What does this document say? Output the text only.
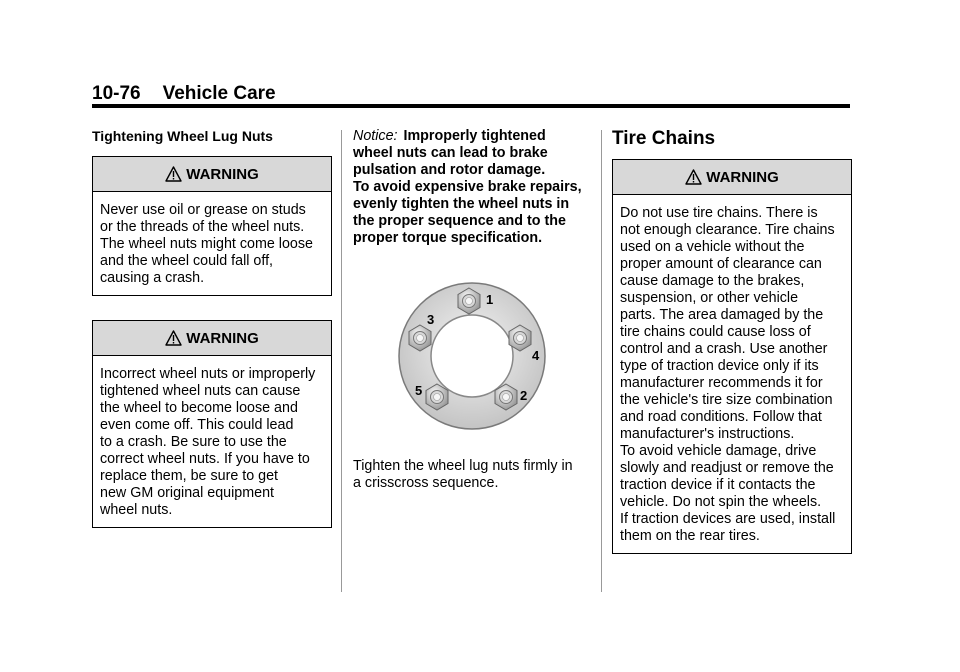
10-76 Vehicle Care
Tightening Wheel Lug Nuts
WARNING

Never use oil or grease on studs

or the threads of the wheel nuts.

The wheel nuts might come loose

and the wheel could fall off,

causing a crash.

WARNING

Incorrect wheel nuts or improperly

tightened wheel nuts can cause

the wheel to become loose and

even come off. This could lead

to a crash. Be sure to use the

correct wheel nuts. If you have to

replace them, be sure to get

new GM original equipment

wheel nuts.

Notice: Improperly tightened
wheel nuts can lead to brake
pulsation and rotor damage.
To avoid expensive brake repairs,
evenly tighten the wheel nuts in
the proper sequence and to the
proper torque specification.
1
2
3
4
5
Tighten the wheel lug nuts firmly in
a crisscross sequence.
Tire Chains
WARNING

Do not use tire chains. There is

not enough clearance. Tire chains

used on a vehicle without the

proper amount of clearance can

cause damage to the brakes,

suspension, or other vehicle

parts. The area damaged by the

tire chains could cause loss of

control and a crash. Use another

type of traction device only if its

manufacturer recommends it for

the vehicle's tire size combination

and road conditions. Follow that

manufacturer's instructions.

To avoid vehicle damage, drive

slowly and readjust or remove the

traction device if it contacts the

vehicle. Do not spin the wheels.

If traction devices are used, install

them on the rear tires.
